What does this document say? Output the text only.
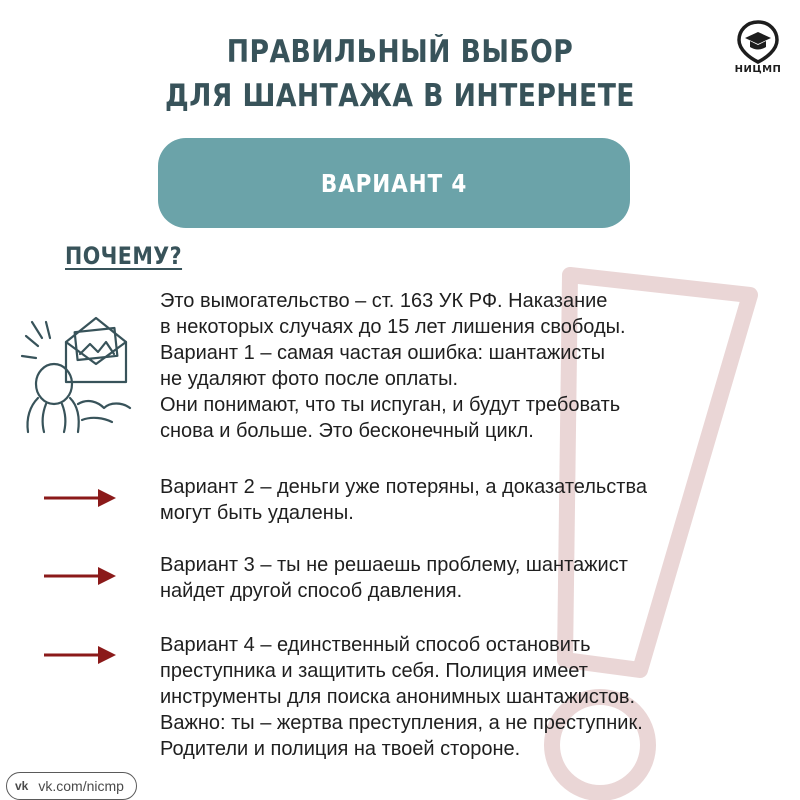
ПРАВИЛЬНЫЙ ВЫБОР
ДЛЯ ШАНТАЖА В ИНТЕРНЕТЕ
НИЦМП
ВАРИАНТ 4
ПОЧЕМУ?
Это вымогательство – ст. 163 УК РФ. Наказание
в некоторых случаях до 15 лет лишения свободы.
Вариант 1 – самая частая ошибка: шантажисты
не удаляют фото после оплаты.
Они понимают, что ты испуган, и будут требовать
снова и больше. Это бесконечный цикл.
Вариант 2 – деньги уже потеряны, а доказательства
могут быть удалены.
Вариант 3 – ты не решаешь проблему, шантажист
найдет другой способ давления.
Вариант 4 – единственный способ остановить
преступника и защитить себя. Полиция имеет
инструменты для поиска анонимных шантажистов.
Важно: ты – жертва преступления, а не преступник.
Родители и полиция на твоей стороне.
vk vk.com/nicmp
